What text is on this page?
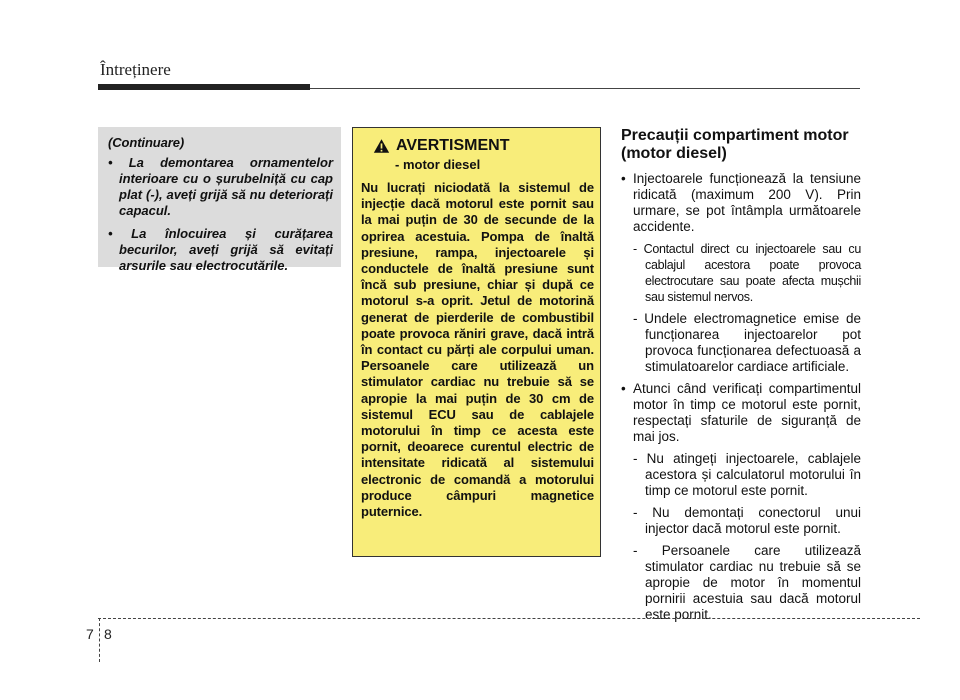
Întreținere
(Continuare)
• La demontarea ornamentelor interioare cu o șurubelniță cu cap plat (-), aveți grijă să nu deteriorați capacul.
• La înlocuirea și curățarea becurilor, aveți grijă să evitați arsurile sau electrocutările.
AVERTISMENT
- motor diesel
Nu lucrați niciodată la sistemul de injecție dacă motorul este pornit sau la mai puțin de 30 de secunde de la oprirea acestuia. Pompa de înaltă presiune, rampa, injectoarele și conductele de înaltă presiune sunt încă sub presiune, chiar și după ce motorul s-a oprit. Jetul de motorină generat de pierderile de combustibil poate provoca răniri grave, dacă intră în contact cu părți ale corpului uman. Persoanele care utilizează un stimulator cardiac nu trebuie să se apropie la mai puțin de 30 cm de sistemul ECU sau de cablajele motorului în timp ce acesta este pornit, deoarece curentul electric de intensitate ridicată al sistemului electronic de comandă a motorului produce câmpuri magnetice puternice.
Precauții compartiment motor (motor diesel)
• Injectoarele funcționează la tensiune ridicată (maximum 200 V). Prin urmare, se pot întâmpla următoarele accidente.
- Contactul direct cu injectoarele sau cu cablajul acestora poate provoca electrocutare sau poate afecta mușchii sau sistemul nervos.
- Undele electromagnetice emise de funcționarea injectoarelor pot provoca funcționarea defectuoasă a stimulatoarelor cardiace artificiale.
• Atunci când verificați compartimentul motor în timp ce motorul este pornit, respectați sfaturile de siguranță de mai jos.
- Nu atingeți injectoarele, cablajele acestora și calculatorul motorului în timp ce motorul este pornit.
- Nu demontați conectorul unui injector dacă motorul este pornit.
- Persoanele care utilizează stimulator cardiac nu trebuie să se apropie de motor în momentul pornirii acestuia sau dacă motorul este pornit.
7 8
